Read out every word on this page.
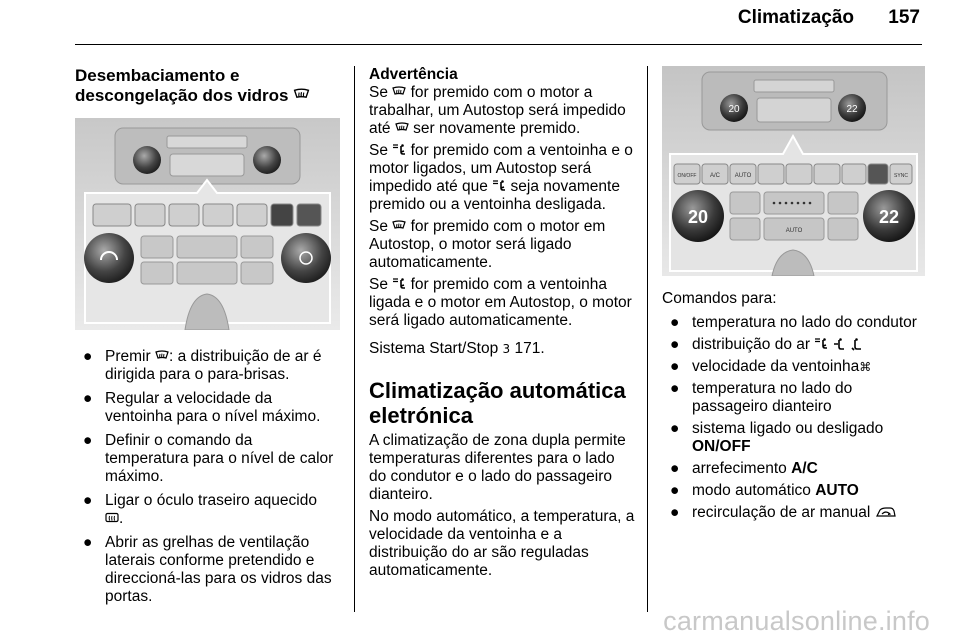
Climatização 157
Desembaciamento e descongelação dos vidros
● Premir : a distribuição de ar é dirigida para o para-brisas.
● Regular a velocidade da ventoinha para o nível máximo.
● Definir o comando da temperatura para o nível de calor máximo.
● Ligar o óculo traseiro aquecido
.
● Abrir as grelhas de ventilação laterais conforme pretendido e direccioná-las para os vidros das portas.
Advertência
Se  for premido com o motor a trabalhar, um Autostop será impedido até  ser novamente premido.
Se  for premido com a ventoinha e o motor ligados, um Autostop será impedido até que  seja novamente premido ou a ventoinha desligada.
Se  for premido com o motor em Autostop, o motor será ligado automaticamente.
Se  for premido com a ventoinha ligada e o motor em Autostop, o motor será ligado automaticamente.
Sistema Start/Stop 3 171.
Climatização automática eletrónica
A climatização de zona dupla permite temperaturas diferentes para o lado do condutor e o lado do passageiro dianteiro.
No modo automático, a temperatura, a velocidade da ventoinha e a distribuição do ar são reguladas automaticamente.
20	22
ON/OFF A/C AUTO	SYNC
20	22
AUTO
Comandos para:
● temperatura no lado do condutor
● distribuição do ar
● velocidade da ventoinha⌘
● temperatura no lado do passageiro dianteiro
● sistema ligado ou desligado
ON/OFF
● arrefecimento A/C
● modo automático AUTO
● recirculação de ar manual
carmanualsonline.info
